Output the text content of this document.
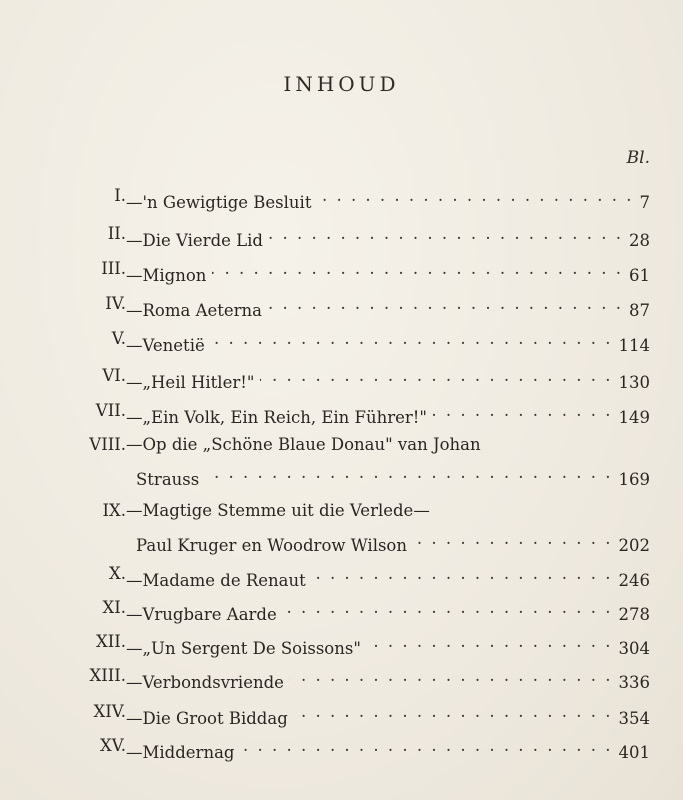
INHOUD
Bl.
I. —'n Gewigtige Besluit . . .	7
II. —Die Vierde Lid . . .	28
III. —Mignon . . .	61
IV. —Roma Aeterna . . .	87
V. —Venetië . . .	114
VI. —„Heil Hitler!" . . .	130
VII. —„Ein Volk, Ein Reich, Ein Führer!" . . .	149
VIII. —Op die „Schöne Blaue Donau" van Johan
Strauss . . .	169
IX. —Magtige Stemme uit die Verlede—
Paul Kruger en Woodrow Wilson . . .	202
X. —Madame de Renaut . . .	246
XI. —Vrugbare Aarde . . .	278
XII. —„Un Sergent De Soissons" . . .	304
XIII. —Verbondsvriende . . .	336
XIV. —Die Groot Biddag . . .	354
XV. —Middernag . . .	401
